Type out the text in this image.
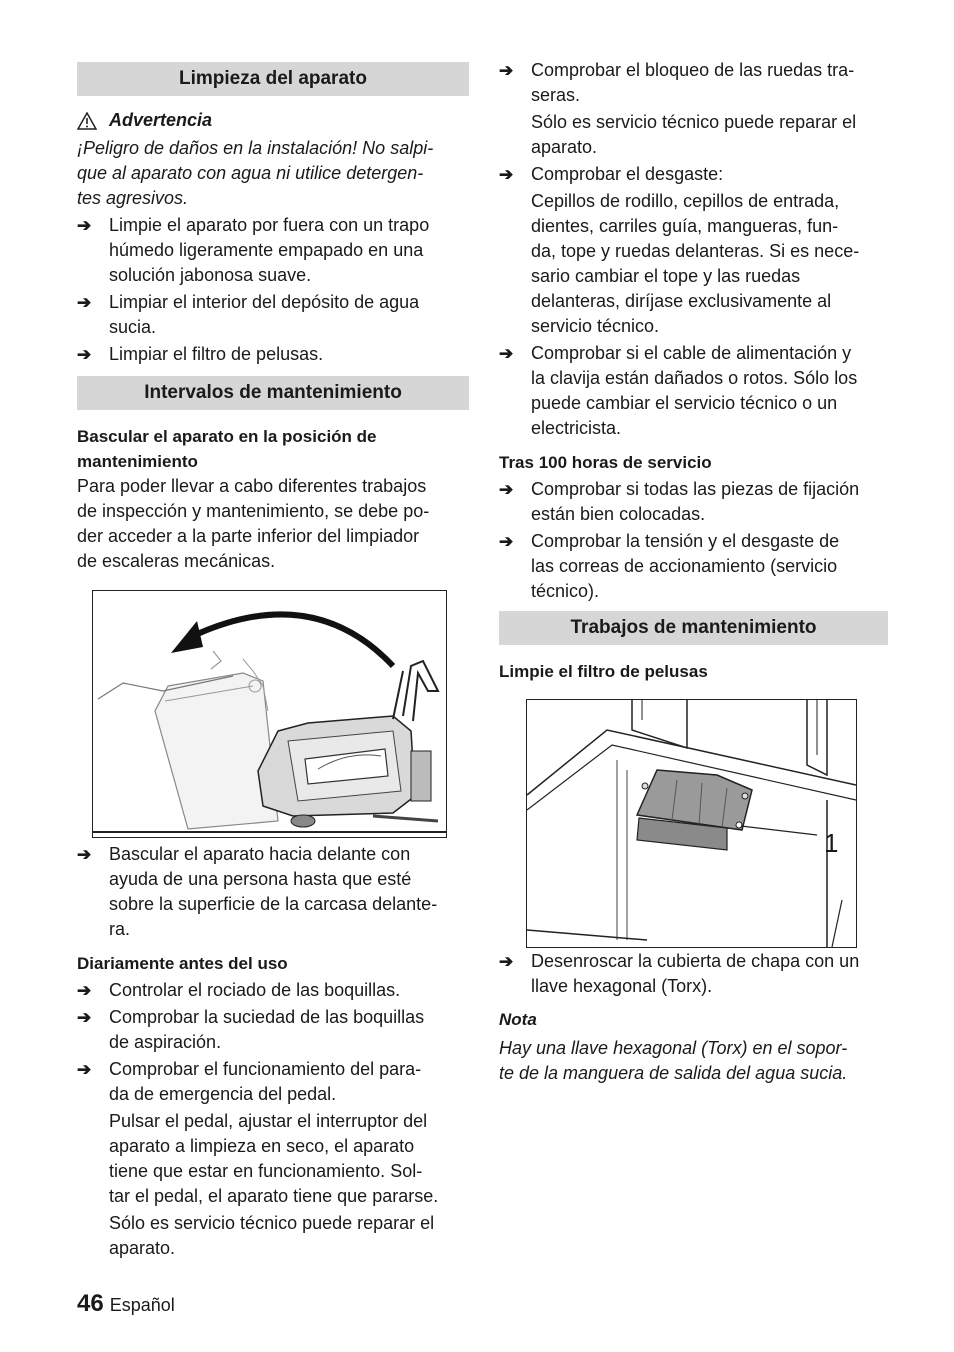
Limpieza del aparato
Advertencia
¡Peligro de daños en la instalación! No salpi-
que al aparato con agua ni utilice detergen-
tes agresivos.
➔ Limpie el aparato por fuera con un trapo
húmedo ligeramente empapado en una
solución jabonosa suave.
➔ Limpiar el interior del depósito de agua
sucia.
➔ Limpiar el filtro de pelusas.
Intervalos de mantenimiento
Bascular el aparato en la posición de
mantenimiento
Para poder llevar a cabo diferentes trabajos
de inspección y mantenimiento, se debe po-
der acceder a la parte inferior del limpiador
de escaleras mecánicas.
➔ Bascular el aparato hacia delante con
ayuda de una persona hasta que esté
sobre la superficie de la carcasa delante-
ra.
Diariamente antes del uso
➔ Controlar el rociado de las boquillas.
➔ Comprobar la suciedad de las boquillas
de aspiración.
➔ Comprobar el funcionamiento del para-
da de emergencia del pedal.
Pulsar el pedal, ajustar el interruptor del
aparato a limpieza en seco, el aparato
tiene que estar en funcionamiento. Sol-
tar el pedal, el aparato tiene que pararse.
Sólo es servicio técnico puede reparar el
aparato.
➔ Comprobar el bloqueo de las ruedas tra-
seras.
Sólo es servicio técnico puede reparar el
aparato.
➔ Comprobar el desgaste:
Cepillos de rodillo, cepillos de entrada,
dientes, carriles guía, mangueras, fun-
da, tope y ruedas delanteras. Si es nece-
sario cambiar el tope y las ruedas
delanteras, diríjase exclusivamente al
servicio técnico.
➔ Comprobar si el cable de alimentación y
la clavija están dañados o rotos. Sólo los
puede cambiar el servicio técnico o un
electricista.
Tras 100 horas de servicio
➔ Comprobar si todas las piezas de fijación
están bien colocadas.
➔ Comprobar la tensión y el desgaste de
las correas de accionamiento (servicio
técnico).
Trabajos de mantenimiento
Limpie el filtro de pelusas
1
➔ Desenroscar la cubierta de chapa con un
llave hexagonal (Torx).
Nota
Hay una llave hexagonal (Torx) en el sopor-
te de la manguera de salida del agua sucia.
46 Español
